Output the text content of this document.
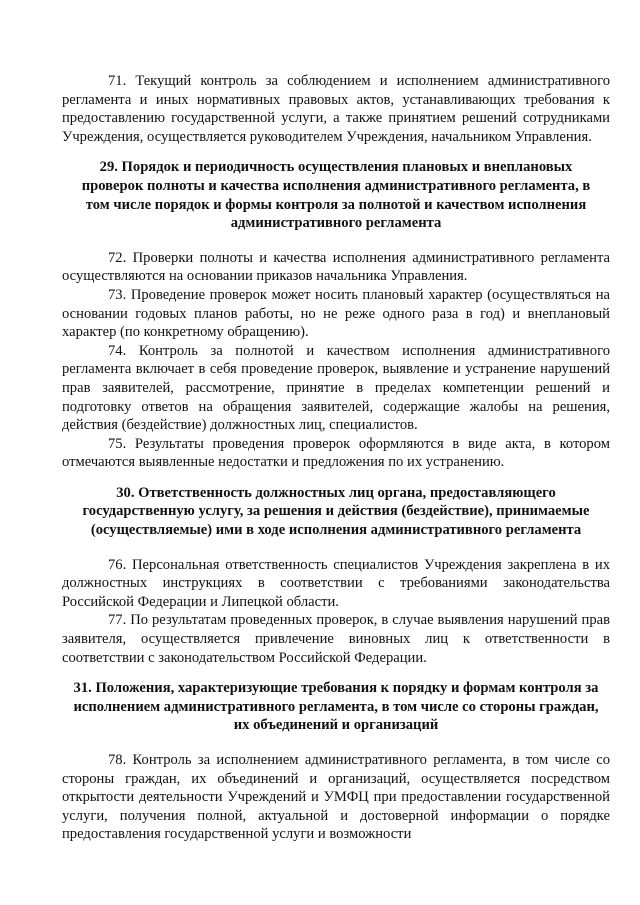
71. Текущий контроль за соблюдением и исполнением административного регламента и иных нормативных правовых актов, устанавливающих требования к предоставлению государственной услуги, а также принятием решений сотрудниками Учреждения, осуществляется руководителем Учреждения, начальником Управления.

29. Порядок и периодичность осуществления плановых и внеплановых проверок полноты и качества исполнения административного регламента, в том числе порядок и формы контроля за полнотой и качеством исполнения административного регламента

72. Проверки полноты и качества исполнения административного регламента осуществляются на основании приказов начальника Управления.

73. Проведение проверок может носить плановый характер (осуществляться на основании годовых планов работы, но не реже одного раза в год) и внеплановый характер (по конкретному обращению).

74. Контроль за полнотой и качеством исполнения административного регламента включает в себя проведение проверок, выявление и устранение нарушений прав заявителей, рассмотрение, принятие в пределах компетенции решений и подготовку ответов на обращения заявителей, содержащие жалобы на решения, действия (бездействие) должностных лиц, специалистов.

75. Результаты проведения проверок оформляются в виде акта, в котором отмечаются выявленные недостатки и предложения по их устранению.

30. Ответственность должностных лиц органа, предоставляющего государственную услугу, за решения и действия (бездействие), принимаемые (осуществляемые) ими в ходе исполнения административного регламента

76. Персональная ответственность специалистов Учреждения закреплена в их должностных инструкциях в соответствии с требованиями законодательства Российской Федерации и Липецкой области.

77. По результатам проведенных проверок, в случае выявления нарушений прав заявителя, осуществляется привлечение виновных лиц к ответственности в соответствии с законодательством Российской Федерации.

31. Положения, характеризующие требования к порядку и формам контроля за исполнением административного регламента, в том числе со стороны граждан, их объединений и организаций

78. Контроль за исполнением административного регламента, в том числе со стороны граждан, их объединений и организаций, осуществляется посредством открытости деятельности Учреждений и УМФЦ при предоставлении государственной услуги, получения полной, актуальной и достоверной информации о порядке предоставления государственной услуги и возможности
